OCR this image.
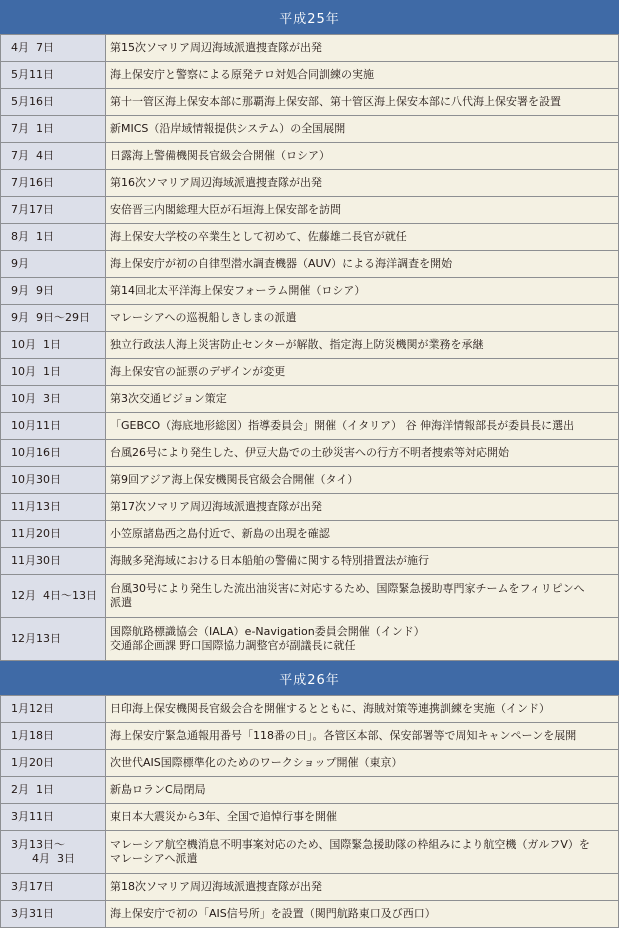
平成25年
4月  7日	第15次ソマリア周辺海域派遣捜査隊が出発
5月11日	海上保安庁と警察による原発テロ対処合同訓練の実施
5月16日	第十一管区海上保安本部に那覇海上保安部、第十管区海上保安本部に八代海上保安署を設置
7月  1日	新MICS（沿岸域情報提供システム）の全国展開
7月  4日	日露海上警備機関長官級会合開催（ロシア）
7月16日	第16次ソマリア周辺海域派遣捜査隊が出発
7月17日	安倍晋三内閣総理大臣が石垣海上保安部を訪問
8月  1日	海上保安大学校の卒業生として初めて、佐藤雄二長官が就任
9月	海上保安庁が初の自律型潜水調査機器（AUV）による海洋調査を開始
9月  9日	第14回北太平洋海上保安フォーラム開催（ロシア）
9月  9日～29日	マレーシアへの巡視船しきしまの派遣
10月  1日	独立行政法人海上災害防止センターが解散、指定海上防災機関が業務を承継
10月  1日	海上保安官の証票のデザインが変更
10月  3日	第3次交通ビジョン策定
10月11日	「GEBCO（海底地形総図）指導委員会」開催（イタリア） 谷 伸海洋情報部長が委員長に選出
10月16日	台風26号により発生した、伊豆大島での土砂災害への行方不明者捜索等対応開始
10月30日	第9回アジア海上保安機関長官級会合開催（タイ）
11月13日	第17次ソマリア周辺海域派遣捜査隊が出発
11月20日	小笠原諸島西之島付近で、新島の出現を確認
11月30日	海賊多発海域における日本船舶の警備に関する特別措置法が施行
12月  4日～13日	台風30号により発生した流出油災害に対応するため、国際緊急援助専門家チームをフィリピンへ
派遣
12月13日	国際航路標識協会（IALA）e-Navigation委員会開催（インド）
交通部企画課 野口国際協力調整官が副議長に就任
平成26年
1月12日	日印海上保安機関長官級会合を開催するとともに、海賊対策等連携訓練を実施（インド）
1月18日	海上保安庁緊急通報用番号「118番の日」。各管区本部、保安部署等で周知キャンペーンを展開
1月20日	次世代AIS国際標準化のためのワークショップ開催（東京）
2月  1日	新島ロランC局閉局
3月11日	東日本大震災から3年、全国で追悼行事を開催
3月13日～
4月  3日	マレーシア航空機消息不明事案対応のため、国際緊急援助隊の枠組みにより航空機（ガルフV）を
マレーシアへ派遣
3月17日	第18次ソマリア周辺海域派遣捜査隊が出発
3月31日	海上保安庁で初の「AIS信号所」を設置（関門航路東口及び西口）
